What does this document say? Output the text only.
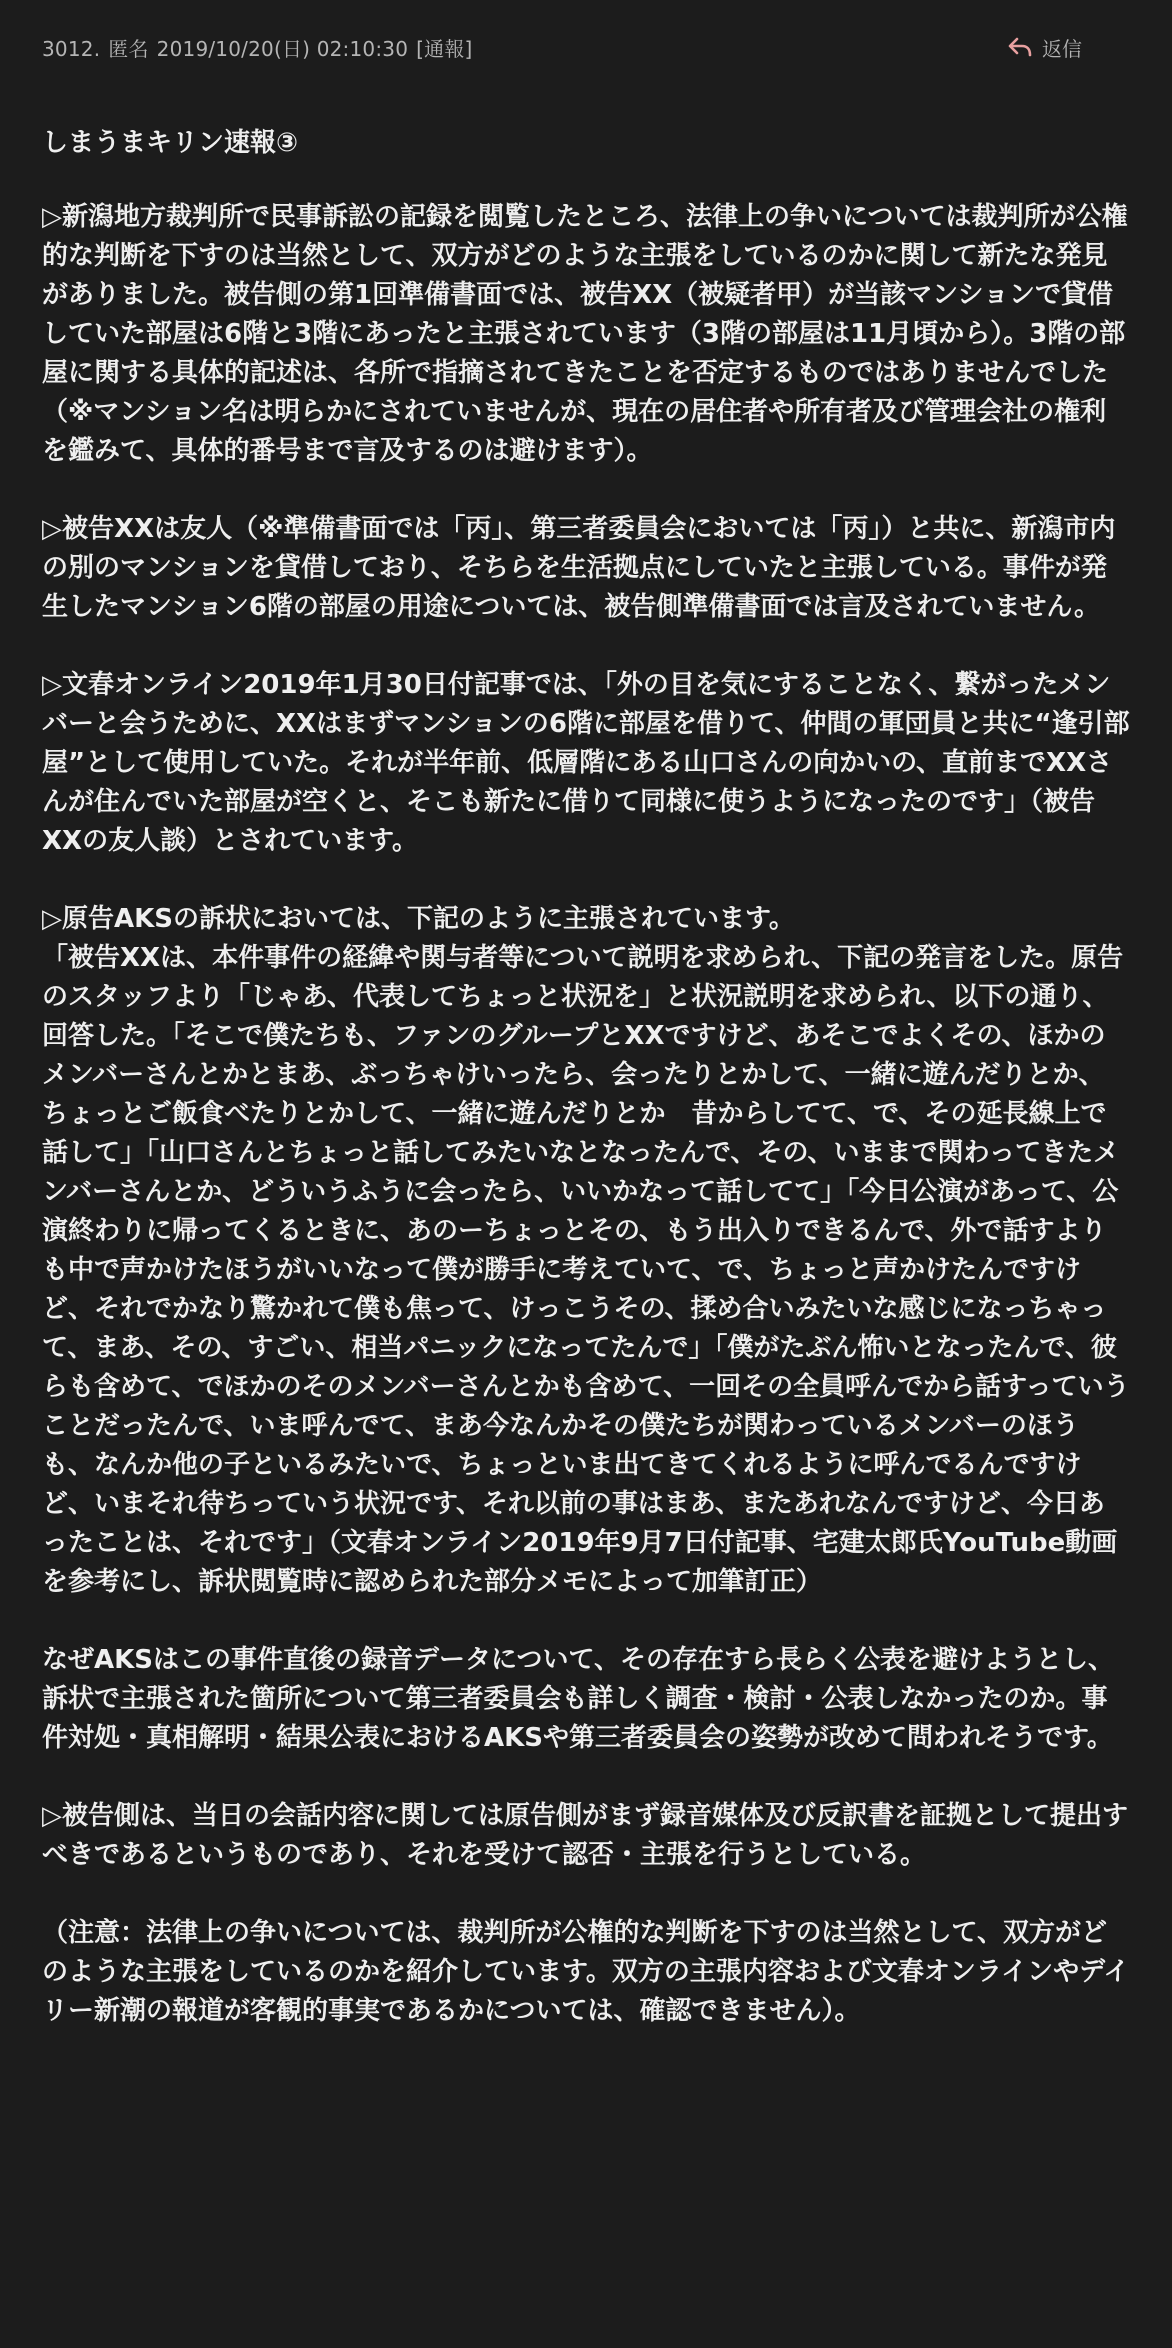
3012. 匿名 2019/10/20(日) 02:10:30 [通報]	返信
しまうまキリン速報③

▷新潟地方裁判所で民事訴訟の記録を閲覧したところ、法律上の争いについては裁判所が公権的な判断を下すのは当然として、双方がどのような主張をしているのかに関して新たな発見がありました。被告側の第1回準備書面では、被告XX（被疑者甲）が当該マンションで貸借していた部屋は6階と3階にあったと主張されています（3階の部屋は11月頃から）。3階の部屋に関する具体的記述は、各所で指摘されてきたことを否定するものではありませんでした（※マンション名は明らかにされていませんが、現在の居住者や所有者及び管理会社の権利を鑑みて、具体的番号まで言及するのは避けます）。

▷被告XXは友人（※準備書面では「丙」、第三者委員会においては「丙」）と共に、新潟市内の別のマンションを貸借しており、そちらを生活拠点にしていたと主張している。事件が発生したマンション6階の部屋の用途については、被告側準備書面では言及されていません。

▷文春オンライン2019年1月30日付記事では、「外の目を気にすることなく、繋がったメンバーと会うために、XXはまずマンションの6階に部屋を借りて、仲間の軍団員と共に“逢引部屋”として使用していた。それが半年前、低層階にある山口さんの向かいの、直前までXXさんが住んでいた部屋が空くと、そこも新たに借りて同様に使うようになったのです」（被告XXの友人談）とされています。

▷原告AKSの訴状においては、下記のように主張されています。
「被告XXは、本件事件の経緯や関与者等について説明を求められ、下記の発言をした。原告のスタッフより「じゃあ、代表してちょっと状況を」と状況説明を求められ、以下の通り、回答した。「そこで僕たちも、ファンのグループとXXですけど、あそこでよくその、ほかのメンバーさんとかとまあ、ぶっちゃけいったら、会ったりとかして、一緒に遊んだりとか、ちょっとご飯食べたりとかして、一緒に遊んだりとか　昔からしてて、で、その延長線上で話して」「山口さんとちょっと話してみたいなとなったんで、その、いままで関わってきたメンバーさんとか、どういうふうに会ったら、いいかなって話してて」「今日公演があって、公演終わりに帰ってくるときに、あのーちょっとその、もう出入りできるんで、外で話すよりも中で声かけたほうがいいなって僕が勝手に考えていて、で、ちょっと声かけたんですけど、それでかなり驚かれて僕も焦って、けっこうその、揉め合いみたいな感じになっちゃって、まあ、その、すごい、相当パニックになってたんで」「僕がたぶん怖いとなったんで、彼らも含めて、でほかのそのメンバーさんとかも含めて、一回その全員呼んでから話すっていうことだったんで、いま呼んでて、まあ今なんかその僕たちが関わっているメンバーのほうも、なんか他の子といるみたいで、ちょっといま出てきてくれるように呼んでるんですけど、いまそれ待ちっていう状況です、それ以前の事はまあ、またあれなんですけど、今日あったことは、それです」（文春オンライン2019年9月7日付記事、宅建太郎氏YouTube動画を参考にし、訴状閲覧時に認められた部分メモによって加筆訂正）

なぜAKSはこの事件直後の録音データについて、その存在すら長らく公表を避けようとし、訴状で主張された箇所について第三者委員会も詳しく調査・検討・公表しなかったのか。事件対処・真相解明・結果公表におけるAKSや第三者委員会の姿勢が改めて問われそうです。

▷被告側は、当日の会話内容に関しては原告側がまず録音媒体及び反訳書を証拠として提出すべきであるというものであり、それを受けて認否・主張を行うとしている。

（注意：法律上の争いについては、裁判所が公権的な判断を下すのは当然として、双方がどのような主張をしているのかを紹介しています。双方の主張内容および文春オンラインやデイリー新潮の報道が客観的事実であるかについては、確認できません）。
